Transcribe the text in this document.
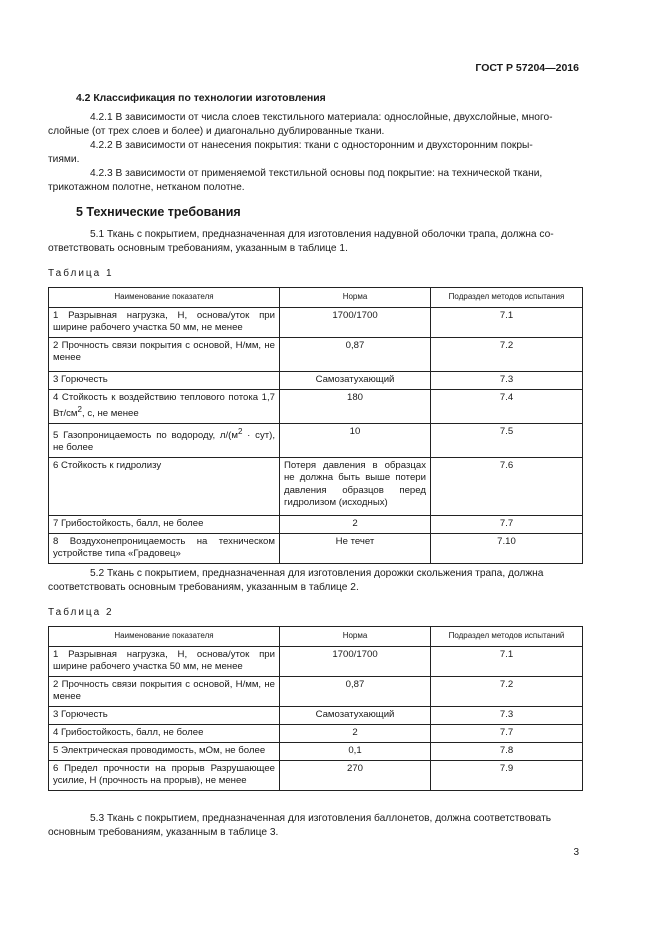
ГОСТ Р 57204—2016
4.2 Классификация по технологии изготовления
4.2.1 В зависимости от числа слоев текстильного материала: однослойные, двухслойные, много-
слойные (от трех слоев и более) и диагонально дублированные ткани.
4.2.2 В зависимости от нанесения покрытия: ткани с односторонним и двухсторонним покры-
тиями.
4.2.3 В зависимости от применяемой текстильной основы под покрытие: на технической ткани,
трикотажном полотне, нетканом полотне.
5 Технические требования
5.1 Ткань с покрытием, предназначенная для изготовления надувной оболочки трапа, должна со-
ответствовать основным требованиям, указанным в таблице 1.
Таблица 1
Наименование показателя	Норма	Подраздел методов испытания
1 Разрывная нагрузка, Н, основа/уток при ширине рабочего участка 50 мм, не менее	1700/1700	7.1
2 Прочность связи покрытия с основой, Н/мм, не менее	0,87	7.2
3 Горючесть	Самозатухающий	7.3
4 Стойкость к воздействию теплового потока 1,7 $Вт/см^2$, с, не менее	180	7.4
5 Газопроницаемость по водороду, $л/(м^2 \cdot сут)$, не более	10	7.5
6 Стойкость к гидролизу	Потеря давления в образцах не должна быть выше потери давления образцов перед гидролизом (исходных)	7.6
7 Грибостойкость, балл, не более	2	7.7
8 Воздухонепроницаемость на техническом устройстве типа «Градовец»	Не течет	7.10
5.2 Ткань с покрытием, предназначенная для изготовления дорожки скольжения трапа, должна
соответствовать основным требованиям, указанным в таблице 2.
Таблица 2
Наименование показателя	Норма	Подраздел методов испытаний
1 Разрывная нагрузка, Н, основа/уток при ширине рабочего участка 50 мм, не менее	1700/1700	7.1
2 Прочность связи покрытия с основой, Н/мм, не менее	0,87	7.2
3 Горючесть	Самозатухающий	7.3
4 Грибостойкость, балл, не более	2	7.7
5 Электрическая проводимость, мОм, не более	0,1	7.8
6 Предел прочности на прорыв Разрушающее усилие, Н (прочность на прорыв), не менее	270	7.9
5.3 Ткань с покрытием, предназначенная для изготовления баллонетов, должна соответствовать
основным требованиям, указанным в таблице 3.
3
